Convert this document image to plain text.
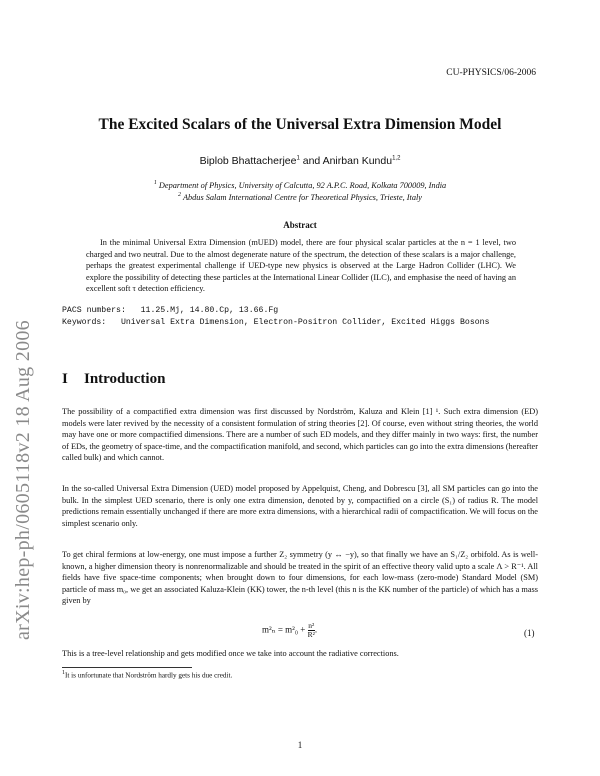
arXiv:hep-ph/0605118v2 18 Aug 2006
CU-PHYSICS/06-2006
The Excited Scalars of the Universal Extra Dimension Model
Biplob Bhattacherjee$^1$ and Anirban Kundu$^{1,2}$
$^1$ Department of Physics, University of Calcutta, 92 A.P.C. Road, Kolkata 700009, India
$^2$ Abdus Salam International Centre for Theoretical Physics, Trieste, Italy
Abstract
In the minimal Universal Extra Dimension (mUED) model, there are four physical scalar particles at the n = 1 level, two charged and two neutral. Due to the almost degenerate nature of the spectrum, the detection of these scalars is a major challenge, perhaps the greatest experimental challenge if UED-type new physics is observed at the Large Hadron Collider (LHC). We explore the possibility of detecting these particles at the International Linear Collider (ILC), and emphasise the need of having an excellent soft τ detection efficiency.
PACS numbers: 11.25.Mj, 14.80.Cp, 13.66.Fg
Keywords: Universal Extra Dimension, Electron-Positron Collider, Excited Higgs Bosons
I Introduction
The possibility of a compactified extra dimension was first discussed by Nordström, Kaluza and Klein [1] ¹. Such extra dimension (ED) models were later revived by the necessity of a consistent formulation of string theories [2]. Of course, even without string theories, the world may have one or more compactified dimensions. There are a number of such ED models, and they differ mainly in two ways: first, the number of EDs, the geometry of space-time, and the compactification manifold, and second, which particles can go into the extra dimensions (hereafter called bulk) and which cannot.
In the so-called Universal Extra Dimension (UED) model proposed by Appelquist, Cheng, and Dobrescu [3], all SM particles can go into the bulk. In the simplest UED scenario, there is only one extra dimension, denoted by y, compactified on a circle (S₁) of radius R. The model predictions remain essentially unchanged if there are more extra dimensions, with a hierarchical radii of compactification. We will focus on the simplest scenario only.
To get chiral fermions at low-energy, one must impose a further Z₂ symmetry (y ↔ −y), so that finally we have an S₁/Z₂ orbifold. As is well-known, a higher dimension theory is nonrenormalizable and should be treated in the spirit of an effective theory valid upto a scale Λ > R⁻¹. All fields have five space-time components; when brought down to four dimensions, for each low-mass (zero-mode) Standard Model (SM) particle of mass m₀, we get an associated Kaluza-Klein (KK) tower, the n-th level (this n is the KK number of the particle) of which has a mass given by
$m^2_n = m^2_0 + \frac{\text{n²}}{\text{R²}}$ .	(1)
This is a tree-level relationship and gets modified once we take into account the radiative corrections.
$^1$It is unfortunate that Nordström hardly gets his due credit.
1
